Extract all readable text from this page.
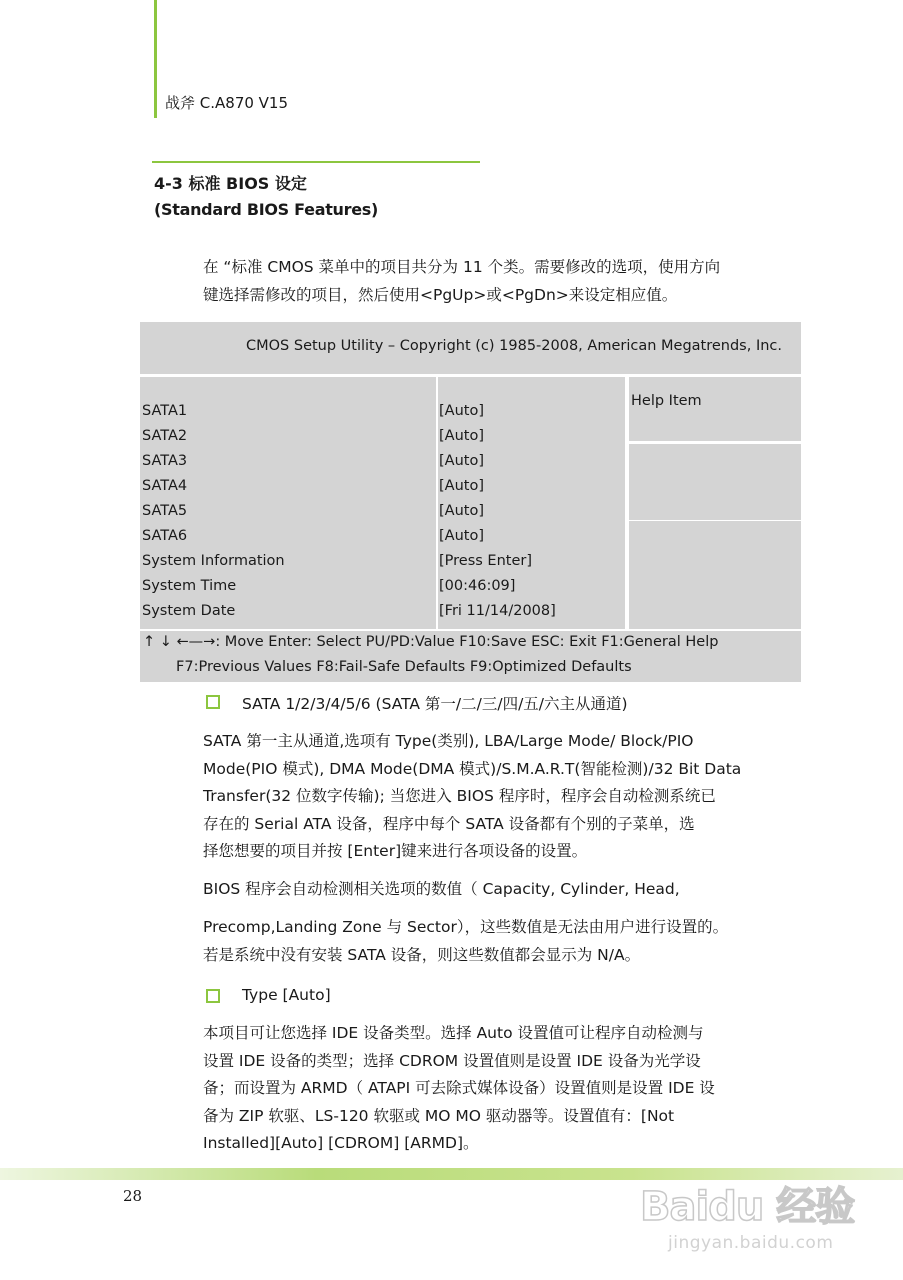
战斧 C.A870 V15
4-3 标准 BIOS 设定
(Standard BIOS Features)
在 “标准 CMOS 菜单中的项目共分为 11 个类。需要修改的选项，使用方向
键选择需修改的项目，然后使用<PgUp>或<PgDn>来设定相应值。
CMOS Setup Utility – Copyright (c) 1985-2008, American Megatrends, Inc.
Help Item
SATA1	[Auto]
SATA2	[Auto]
SATA3	[Auto]
SATA4	[Auto]
SATA5	[Auto]
SATA6	[Auto]
System Information	[Press Enter]
System Time	[00:46:09]
System Date	[Fri 11/14/2008]
↑ ↓ ←—→: Move Enter: Select PU/PD:Value F10:Save ESC: Exit F1:General Help
F7:Previous Values F8:Fail-Safe Defaults F9:Optimized Defaults
SATA 1/2/3/4/5/6 (SATA 第一/二/三/四/五/六主从通道)
SATA 第一主从通道,选项有 Type(类别), LBA/Large Mode/ Block/PIO
Mode(PIO 模式), DMA Mode(DMA 模式)/S.M.A.R.T(智能检测)/32 Bit Data
Transfer(32 位数字传输); 当您进入 BIOS 程序时，程序会自动检测系统已
存在的 Serial ATA 设备，程序中每个 SATA 设备都有个别的子菜单，选
择您想要的项目并按 [Enter]键来进行各项设备的设置。
BIOS 程序会自动检测相关选项的数值（ Capacity, Cylinder, Head,
Precomp,Landing Zone 与 Sector），这些数值是无法由用户进行设置的。
若是系统中没有安装 SATA 设备，则这些数值都会显示为 N/A。
Type [Auto]
本项目可让您选择 IDE 设备类型。选择 Auto 设置值可让程序自动检测与
设置 IDE 设备的类型；选择 CDROM 设置值则是设置 IDE 设备为光学设
备；而设置为 ARMD（ ATAPI 可去除式媒体设备）设置值则是设置 IDE 设
备为 ZIP 软驱、LS-120 软驱或 MO MO 驱动器等。设置值有：[Not
Installed][Auto] [CDROM] [ARMD]。
28	Baidu 经验
jingyan.baidu.com
